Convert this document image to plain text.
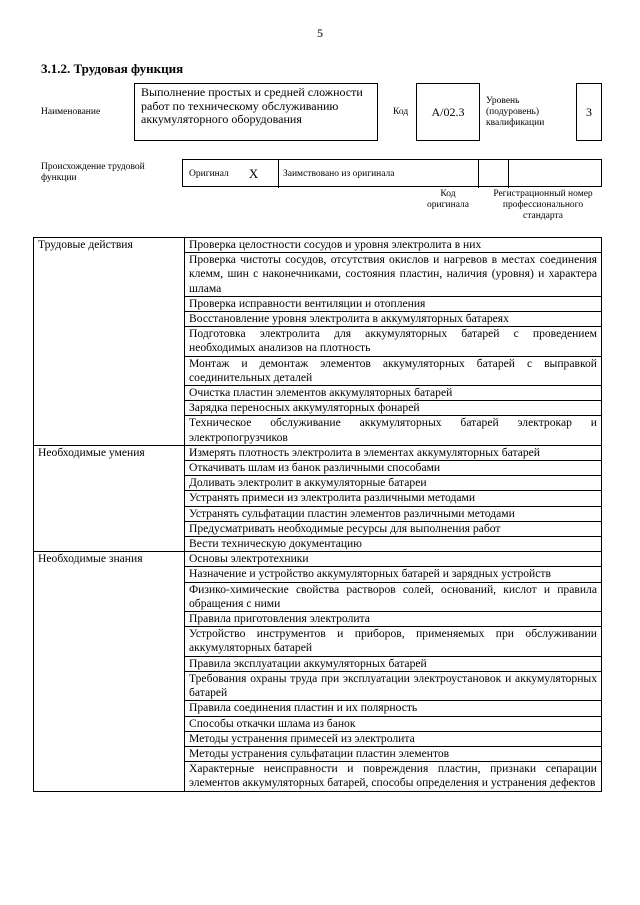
5
3.1.2. Трудовая функция
Наименование
Выполнение простых и средней сложности работ по техническому обслуживанию аккумуляторного оборудования	Код A/02.3
Уровень (подуровень) квалификации
3
Происхождение трудовой функции	Оригинал X	Заимствовано из оригинала
Код оригинала
Регистрационный номер профессионального стандарта
Трудовые действия	Проверка целостности сосудов и уровня электролита в них
	Проверка чистоты сосудов, отсутствия окислов и нагревов в местах соединения клемм, шин с наконечниками, состояния пластин, наличия (уровня) и характера шлама
	Проверка исправности вентиляции и отопления
	Восстановление уровня электролита в аккумуляторных батареях
	Подготовка электролита для аккумуляторных батарей с проведением необходимых анализов на плотность
	Монтаж и демонтаж элементов аккумуляторных батарей с выправкой соединительных деталей
	Очистка пластин элементов аккумуляторных батарей
	Зарядка переносных аккумуляторных фонарей
	Техническое обслуживание аккумуляторных батарей электрокар и электропогрузчиков
Необходимые умения	Измерять плотность электролита в элементах аккумуляторных батарей
	Откачивать шлам из банок различными способами
	Доливать электролит в аккумуляторные батареи
	Устранять примеси из электролита различными методами
	Устранять сульфатации пластин элементов различными методами
	Предусматривать необходимые ресурсы для выполнения работ
	Вести техническую документацию
Необходимые знания	Основы электротехники
	Назначение и устройство аккумуляторных батарей и зарядных устройств
	Физико-химические свойства растворов солей, оснований, кислот и правила обращения с ними
	Правила приготовления электролита
	Устройство инструментов и приборов, применяемых при обслуживании аккумуляторных батарей
	Правила эксплуатации аккумуляторных батарей
	Требования охраны труда при эксплуатации электроустановок и аккумуляторных батарей
	Правила соединения пластин и их полярность
	Способы откачки шлама из банок
	Методы устранения примесей из электролита
	Методы устранения сульфатации пластин элементов
	Характерные неисправности и повреждения пластин, признаки сепарации элементов аккумуляторных батарей, способы определения и устранения дефектов
